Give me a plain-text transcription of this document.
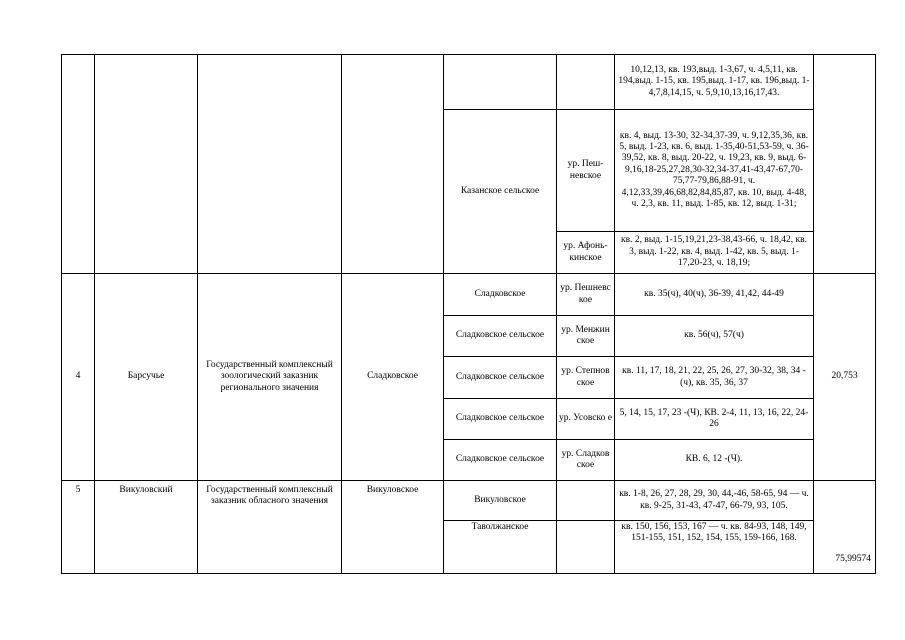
						10,12,13, кв. 193,выд. 1-3,67, ч. 4,5,11, кв. 194,выд. 1-15, кв. 195,выд. 1-17, кв. 196,выд. 1-4,7,8,14,15, ч. 5,9,10,13,16,17,43.	
				Казанское сельское	ур. Пеш-невское	кв. 4, выд. 13-30, 32-34,37-39, ч. 9,12,35,36, кв. 5, выд. 1-23, кв. 6, выд. 1-35,40-51,53-59, ч. 36-39,52, кв. 8, выд. 20-22, ч. 19,23, кв. 9, выд. 6-9,16,18-25,27,28,30-32,34-37,41-43,47-67,70-75,77-79,86,88-91, ч. 4,12,33,39,46,68,82,84,85,87, кв. 10, выд. 4-48, ч. 2,3, кв. 11, выд. 1-85, кв. 12, выд. 1-31;	
					ур. Афонь-кинское	кв. 2, выд. 1-15,19,21,23-38,43-66, ч. 18,42, кв. 3, выд. 1-22, кв. 4, выд. 1-42, кв. 5, выд. 1-17,20-23, ч. 18,19;	
4	Барсучье	Государственный комплексный зоологический заказник регионального значения	Сладковское	Сладковское	ур. Пешневс кое	кв. 35(ч), 40(ч), 36-39, 41,42, 44-49	20,753
				Сладковское сельское	ур. Менжин ское	кв. 56(ч), 57(ч)	
				Сладковское сельское	ур. Степнов ское	кв. 11, 17, 18, 21, 22, 25, 26, 27, 30-32, 38, 34 -(ч), кв. 35, 36, 37	
				Сладковское сельское	ур. Усовско е	5, 14, 15, 17, 23 -(Ч), КВ. 2-4, 11, 13, 16, 22, 24-26	
				Сладковское сельское	ур. Сладков ское	КВ. 6, 12 -(Ч).	
5	Викуловский	Государственный комплексный заказник обласного значения	Викуловское	Викуловское		кв. 1-8, 26, 27, 28, 29, 30, 44,-46, 58-65, 94 — ч. кв. 9-25, 31-43, 47-47, 66-79, 93, 105.	75,99574
				Таволжанское		кв. 150, 156, 153, 167 — ч. кв. 84-93, 148, 149, 151-155, 151, 152, 154, 155, 159-166, 168.	
